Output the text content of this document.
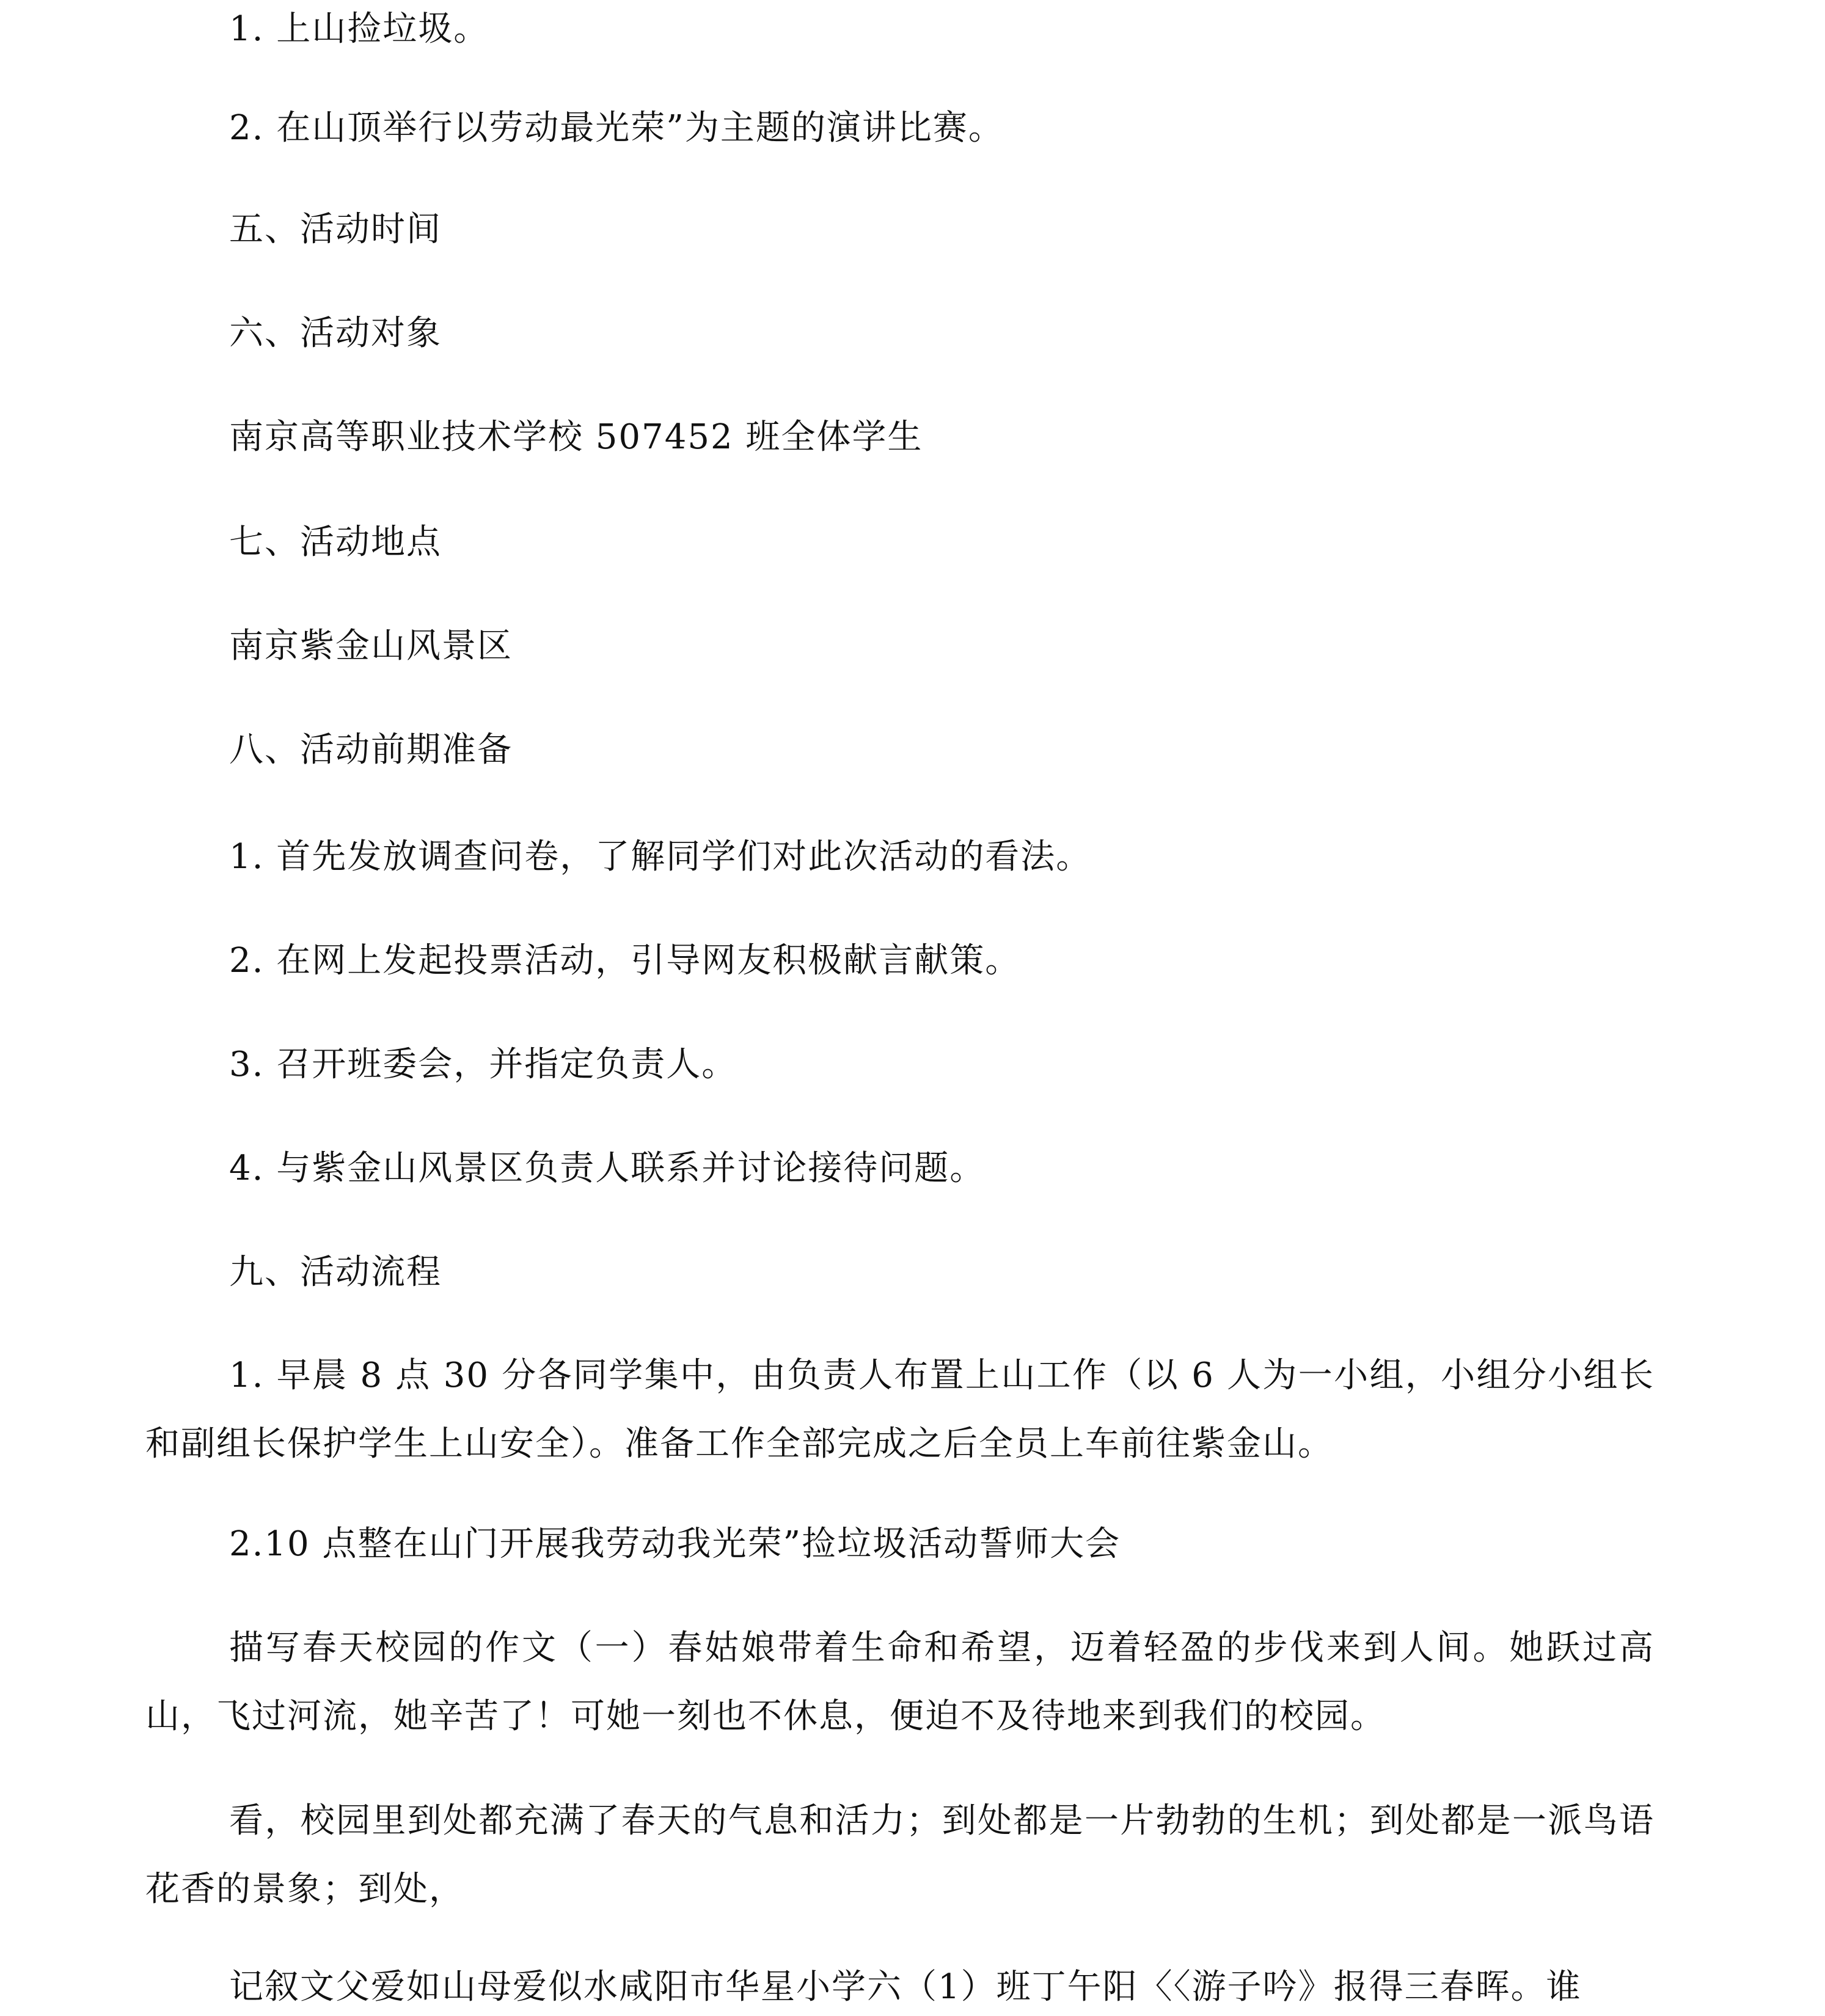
1. 上山捡垃圾。
2. 在山顶举行以劳动最光荣”为主题的演讲比赛。
五、活动时间
六、活动对象
南京高等职业技术学校 507452 班全体学生
七、活动地点
南京紫金山风景区
八、活动前期准备
1. 首先发放调查问卷，了解同学们对此次活动的看法。
2. 在网上发起投票活动，引导网友积极献言献策。
3. 召开班委会，并指定负责人。
4. 与紫金山风景区负责人联系并讨论接待问题。
九、活动流程
1. 早晨 8 点 30 分各同学集中，由负责人布置上山工作（以 6 人为一小组，小组分小组长和副组长保护学生上山安全）。准备工作全部完成之后全员上车前往紫金山。
2.10 点整在山门开展我劳动我光荣”捡垃圾活动誓师大会
描写春天校园的作文（一）春姑娘带着生命和希望，迈着轻盈的步伐来到人间。她跃过高山，飞过河流，她辛苦了！可她一刻也不休息，便迫不及待地来到我们的校园。
看，校园里到处都充满了春天的气息和活力；到处都是一片勃勃的生机；到处都是一派鸟语花香的景象；到处，
记叙文父爱如山母爱似水咸阳市华星小学六（1）班丁午阳〈〈游子吟》报得三春晖。谁
